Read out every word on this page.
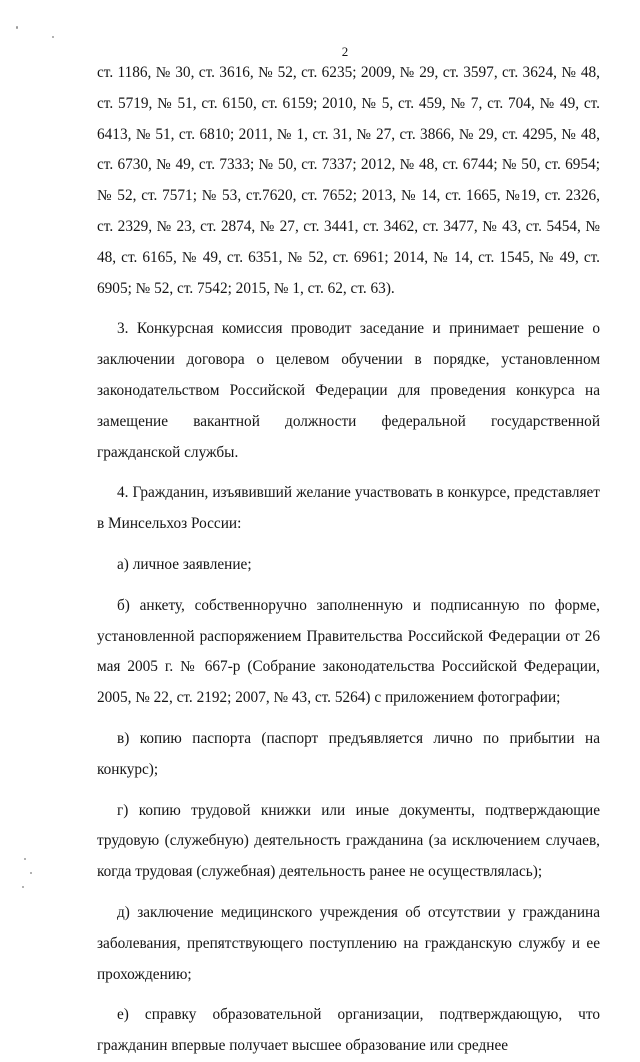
2

ст. 1186, № 30, ст. 3616, № 52, ст. 6235; 2009, № 29, ст. 3597, ст. 3624, № 48, ст. 5719, № 51, ст. 6150, ст. 6159; 2010, № 5, ст. 459, № 7, ст. 704, № 49, ст. 6413, № 51, ст. 6810; 2011, № 1, ст. 31, № 27, ст. 3866, № 29, ст. 4295, № 48, ст. 6730, № 49, ст. 7333; № 50, ст. 7337; 2012, № 48, ст. 6744; № 50, ст. 6954; № 52, ст. 7571; № 53, ст.7620, ст. 7652; 2013, № 14, ст. 1665, №19, ст. 2326, ст. 2329, № 23, ст. 2874, № 27, ст. 3441, ст. 3462, ст. 3477, № 43, ст. 5454, № 48, ст. 6165, № 49, ст. 6351, № 52, ст. 6961; 2014, № 14, ст. 1545, № 49, ст. 6905; № 52, ст. 7542; 2015, № 1, ст. 62, ст. 63).

3. Конкурсная комиссия проводит заседание и принимает решение о заключении договора о целевом обучении в порядке, установленном законодательством Российской Федерации для проведения конкурса на замещение вакантной должности федеральной государственной гражданской службы.

4. Гражданин, изъявивший желание участвовать в конкурсе, представляет в Минсельхоз России:

а) личное заявление;

б) анкету, собственноручно заполненную и подписанную по форме, установленной распоряжением Правительства Российской Федерации от 26 мая 2005 г. № 667-р (Собрание законодательства Российской Федерации, 2005, № 22, ст. 2192; 2007, № 43, ст. 5264) с приложением фотографии;

в) копию паспорта (паспорт предъявляется лично по прибытии на конкурс);

г) копию трудовой книжки или иные документы, подтверждающие трудовую (служебную) деятельность гражданина (за исключением случаев, когда трудовая (служебная) деятельность ранее не осуществлялась);

д) заключение медицинского учреждения об отсутствии у гражданина заболевания, препятствующего поступлению на гражданскую службу и ее прохождению;

е) справку образовательной организации, подтверждающую, что гражданин впервые получает высшее образование или среднее
